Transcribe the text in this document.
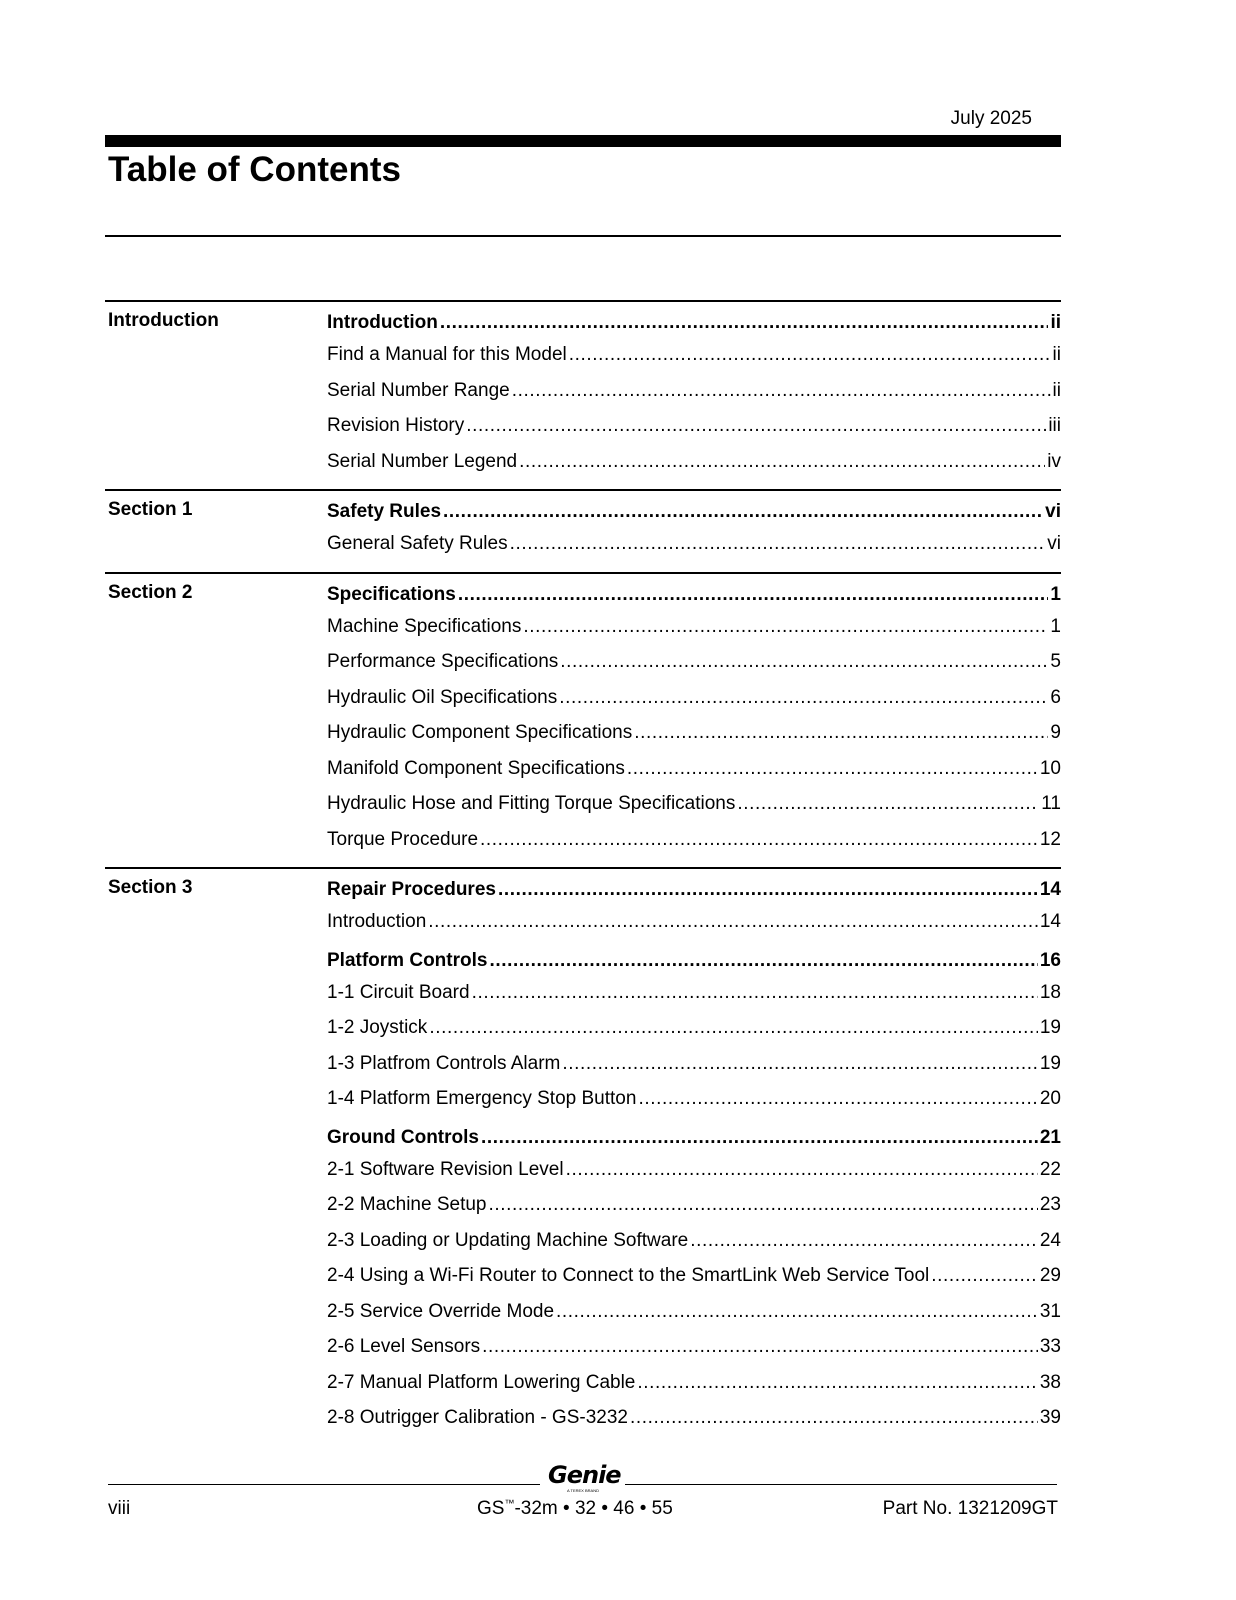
July 2025
Table of Contents
Introduction	Introduction .....	ii
Find a Manual for this Model .....	ii
Serial Number Range .....	ii
Revision History .....	iii
Serial Number Legend .....	iv
Section 1	Safety Rules .....	vi
General Safety Rules .....	vi
Section 2	Specifications .....	1
Machine Specifications .....	1
Performance Specifications .....	5
Hydraulic Oil Specifications .....	6
Hydraulic Component Specifications .....	9
Manifold Component Specifications .....	10
Hydraulic Hose and Fitting Torque Specifications .....	11
Torque Procedure .....	12
Section 3	Repair Procedures .....	14
Introduction .....	14
Platform Controls .....	16
1-1 Circuit Board .....	18
1-2 Joystick .....	19
1-3 Platfrom Controls Alarm .....	19
1-4 Platform Emergency Stop Button .....	20
Ground Controls .....	21
2-1 Software Revision Level .....	22
2-2 Machine Setup .....	23
2-3 Loading or Updating Machine Software .....	24
2-4 Using a Wi-Fi Router to Connect to the SmartLink Web Service Tool .....	29
2-5 Service Override Mode .....	31
2-6 Level Sensors .....	33
2-7 Manual Platform Lowering Cable .....	38
2-8 Outrigger Calibration - GS-3232 .....	39
Genie
A TEREX BRAND
viii	GS™-32m • 32 • 46 • 55	Part No. 1321209GT
